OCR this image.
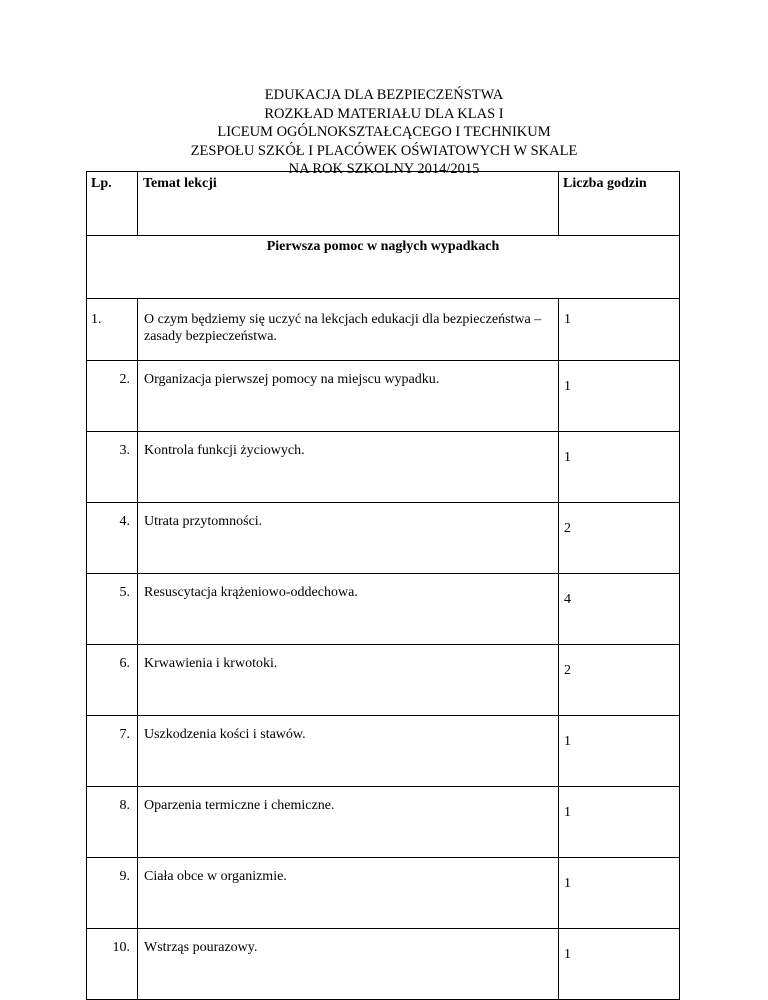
EDUKACJA DLA BEZPIECZEŃSTWA
ROZKŁAD MATERIAŁU DLA KLAS I
LICEUM OGÓLNOKSZTAŁCĄCEGO I TECHNIKUM
ZESPOŁU SZKÓŁ I PLACÓWEK OŚWIATOWYCH W SKALE
NA ROK SZKOLNY 2014/2015
Lp.	Temat lekcji	Liczba godzin
Pierwsza pomoc w nagłych wypadkach		
1.	O czym będziemy się uczyć na lekcjach edukacji dla bezpieczeństwa – zasady bezpieczeństwa.	1
2.	Organizacja pierwszej pomocy na miejscu wypadku.	1
3.	Kontrola funkcji życiowych.	1
4.	Utrata przytomności.	2
5.	Resuscytacja krążeniowo-oddechowa.	4
6.	Krwawienia i krwotoki.	2
7.	Uszkodzenia kości i stawów.	1
8.	Oparzenia termiczne i chemiczne.	1
9.	Ciała obce w organizmie.	1
10.	Wstrząs pourazowy.	1
